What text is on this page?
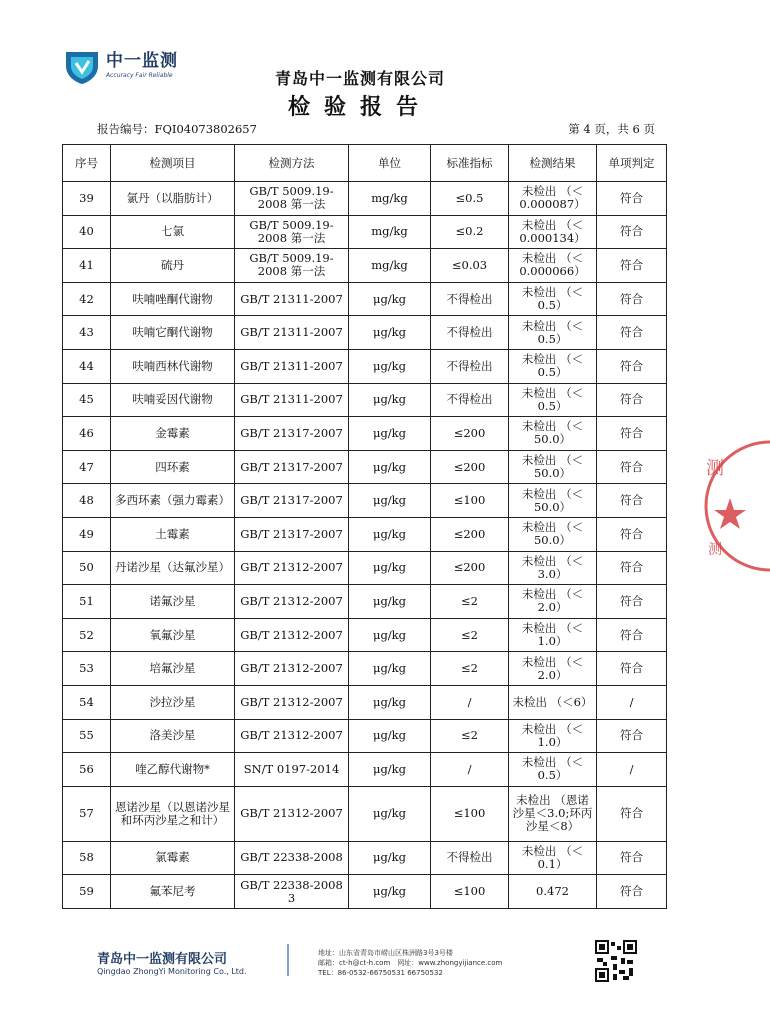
中一监测
Accuracy Fair Reliable	青岛中一监测有限公司
检验报告
报告编号：FQI04073802657	第 4 页，共 6 页
序号	检测项目	检测方法	单位	标准指标	检测结果	单项判定
39	氯丹（以脂肪计）	GB/T 5009.19-2008 第一法	mg/kg	≤0.5	未检出 （＜0.000087）	符合
40	七氯	GB/T 5009.19-2008 第一法	mg/kg	≤0.2	未检出 （＜0.000134）	符合
41	硫丹	GB/T 5009.19-2008 第一法	mg/kg	≤0.03	未检出 （＜0.000066）	符合
42	呋喃唑酮代谢物	GB/T 21311-2007	μg/kg	不得检出	未检出 （＜0.5）	符合
43	呋喃它酮代谢物	GB/T 21311-2007	μg/kg	不得检出	未检出 （＜0.5）	符合
44	呋喃西林代谢物	GB/T 21311-2007	μg/kg	不得检出	未检出 （＜0.5）	符合
45	呋喃妥因代谢物	GB/T 21311-2007	μg/kg	不得检出	未检出 （＜0.5）	符合
46	金霉素	GB/T 21317-2007	μg/kg	≤200	未检出 （＜50.0）	符合
47	四环素	GB/T 21317-2007	μg/kg	≤200	未检出 （＜50.0）	符合
48	多西环素（强力霉素）	GB/T 21317-2007	μg/kg	≤100	未检出 （＜50.0）	符合
49	土霉素	GB/T 21317-2007	μg/kg	≤200	未检出 （＜50.0）	符合
50	丹诺沙星（达氟沙星）	GB/T 21312-2007	μg/kg	≤200	未检出 （＜3.0）	符合
51	诺氟沙星	GB/T 21312-2007	μg/kg	≤2	未检出 （＜2.0）	符合
52	氧氟沙星	GB/T 21312-2007	μg/kg	≤2	未检出 （＜1.0）	符合
53	培氟沙星	GB/T 21312-2007	μg/kg	≤2	未检出 （＜2.0）	符合
54	沙拉沙星	GB/T 21312-2007	μg/kg	/	未检出 （＜6）	/
55	洛美沙星	GB/T 21312-2007	μg/kg	≤2	未检出 （＜1.0）	符合
56	喹乙醇代谢物*	SN/T 0197-2014	μg/kg	/	未检出 （＜0.5）	/
57	恩诺沙星（以恩诺沙星和环丙沙星之和计）	GB/T 21312-2007	μg/kg	≤100	未检出 （恩诺沙星＜3.0;环丙沙星＜8）	符合
58	氯霉素	GB/T 22338-2008	μg/kg	不得检出	未检出 （＜0.1）	符合
59	氟苯尼考	GB/T 22338-2008 3	μg/kg	≤100	0.472	符合
测
测
青岛中一监测有限公司
Qingdao ZhongYi Monitoring Co., Ltd.
地址：山东省青岛市崂山区株洲路3号3号楼
邮箱：ct-h@ct-h.com　网址：www.zhongyijiance.com
TEL：86-0532-66750531 66750532
